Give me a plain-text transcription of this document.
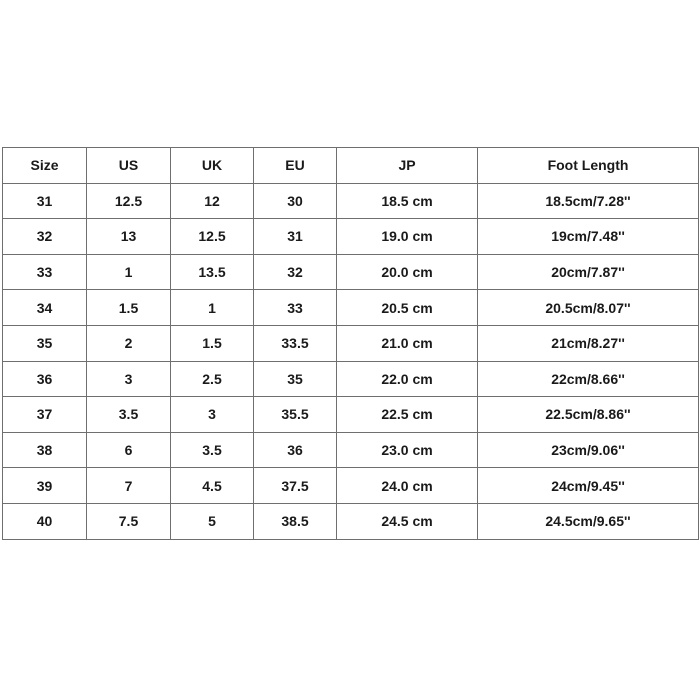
Size	US	UK	EU	JP	Foot Length
31	12.5	12	30	18.5 cm	18.5cm/7.28''
32	13	12.5	31	19.0 cm	19cm/7.48''
33	1	13.5	32	20.0 cm	20cm/7.87''
34	1.5	1	33	20.5 cm	20.5cm/8.07''
35	2	1.5	33.5	21.0 cm	21cm/8.27''
36	3	2.5	35	22.0 cm	22cm/8.66''
37	3.5	3	35.5	22.5 cm	22.5cm/8.86''
38	6	3.5	36	23.0 cm	23cm/9.06''
39	7	4.5	37.5	24.0 cm	24cm/9.45''
40	7.5	5	38.5	24.5 cm	24.5cm/9.65''
